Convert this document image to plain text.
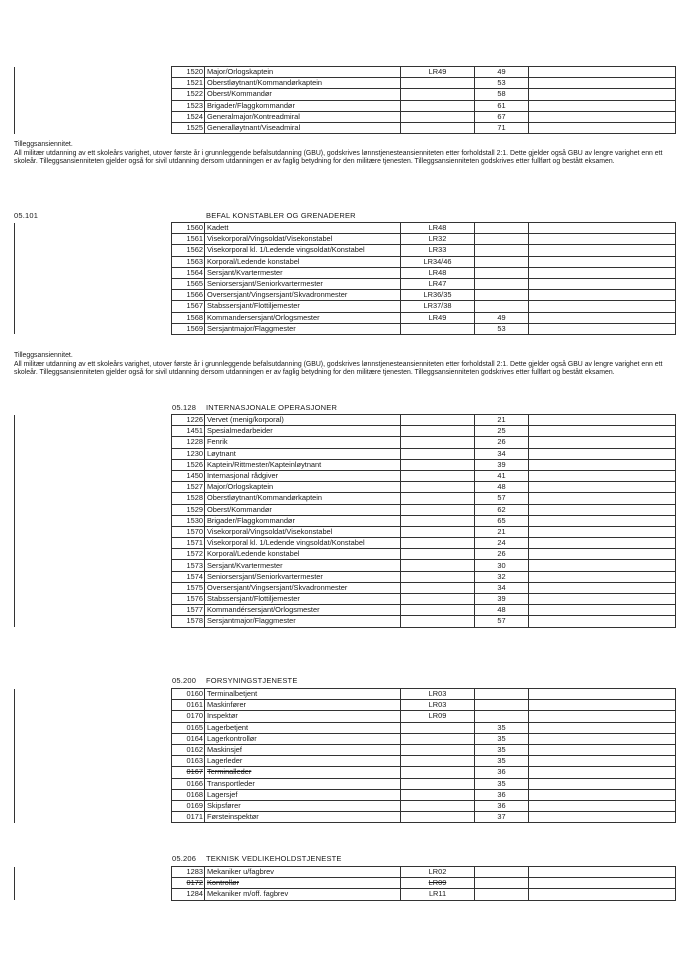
	1520	Major/Orlogskaptein	LR49	49	
	1521	Oberstløytnant/Kommandørkaptein		53	
	1522	Oberst/Kommandør		58	
	1523	Brigader/Flaggkommandør		61	
	1524	Generalmajor/Kontreadmiral		67	
	1525	Generalløytnant/Viseadmiral		71	
Tilleggsansiennitet.
All militær utdanning av ett skoleårs varighet, utover første år i grunnleggende befalsutdanning (GBU), godskrives lønnstjenesteansienniteten etter forholdstall 2:1. Dette gjelder også GBU av lengre varighet enn ett skoleår. Tilleggsansienniteten gjelder også for sivil utdanning dersom utdanningen er av faglig betydning for den militære tjenesten. Tilleggsansienniteten godskrives etter fullført og bestått eksamen.
05.101	BEFAL KONSTABLER OG GRENADERER
	1560	Kadett	LR48		
	1561	Visekorporal/Vingsoldat/Visekonstabel	LR32		
	1562	Visekorporal kl. 1/Ledende vingsoldat/Konstabel	LR33		
	1563	Korporal/Ledende konstabel	LR34/46		
	1564	Sersjant/Kvartermester	LR48		
	1565	Seniorsersjant/Seniorkvartermester	LR47		
	1566	Oversersjant/Vingsersjant/Skvadronmester	LR36/35		
	1567	Stabssersjant/Flottiljemester	LR37/38		
	1568	Kommandersersjant/Orlogsmester	LR49	49	
	1569	Sersjantmajor/Flaggmester		53	
Tilleggsansiennitet.
All militær utdanning av ett skoleårs varighet, utover første år i grunnleggende befalsutdanning (GBU), godskrives lønnstjenesteansienniteten etter forholdstall 2:1. Dette gjelder også GBU av lengre varighet enn ett skoleår. Tilleggsansienniteten gjelder også for sivil utdanning dersom utdanningen er av faglig betydning for den militære tjenesten. Tilleggsansienniteten godskrives etter fullført og bestått eksamen.
05.128 INTERNASJONALE OPERASJONER
	1226	Vervet (menig/korporal)		21	
	1451	Spesialmedarbeider		25	
	1228	Fenrik		26	
	1230	Løytnant		34	
	1526	Kaptein/Rittmester/Kapteinløytnant		39	
	1450	Internasjonal rådgiver		41	
	1527	Major/Orlogskaptein		48	
	1528	Oberstløytnant/Kommandørkaptein		57	
	1529	Oberst/Kommandør		62	
	1530	Brigader/Flaggkommandør		65	
	1570	Visekorporal/Vingsoldat/Visekonstabel		21	
	1571	Visekorporal kl. 1/Ledende vingsoldat/Konstabel		24	
	1572	Korporal/Ledende konstabel		26	
	1573	Sersjant/Kvartermester		30	
	1574	Seniorsersjant/Seniorkvartermester		32	
	1575	Oversersjant/Vingsersjant/Skvadronmester		34	
	1576	Stabssersjant/Flottiljemester		39	
	1577	Kommandérsersjant/Orlogsmester		48	
	1578	Sersjantmajor/Flaggmester		57	
05.200 FORSYNINGSTJENESTE
	0160	Terminalbetjent	LR03		
	0161	Maskinfører	LR03		
	0170	Inspektør	LR09		
	0165	Lagerbetjent		35	
	0164	Lagerkontrollør		35	
	0162	Maskinsjef		35	
	0163	Lagerleder		35	
	0167	Terminalleder		36	
	0166	Transportleder		35	
	0168	Lagersjef		36	
	0169	Skipsfører		36	
	0171	Førsteinspektør		37	
05.206 TEKNISK VEDLIKEHOLDSTJENESTE
	1283	Mekaniker u/fagbrev	LR02		
	0172	Kontrollør	LR09		
	1284	Mekaniker m/off. fagbrev	LR11		
